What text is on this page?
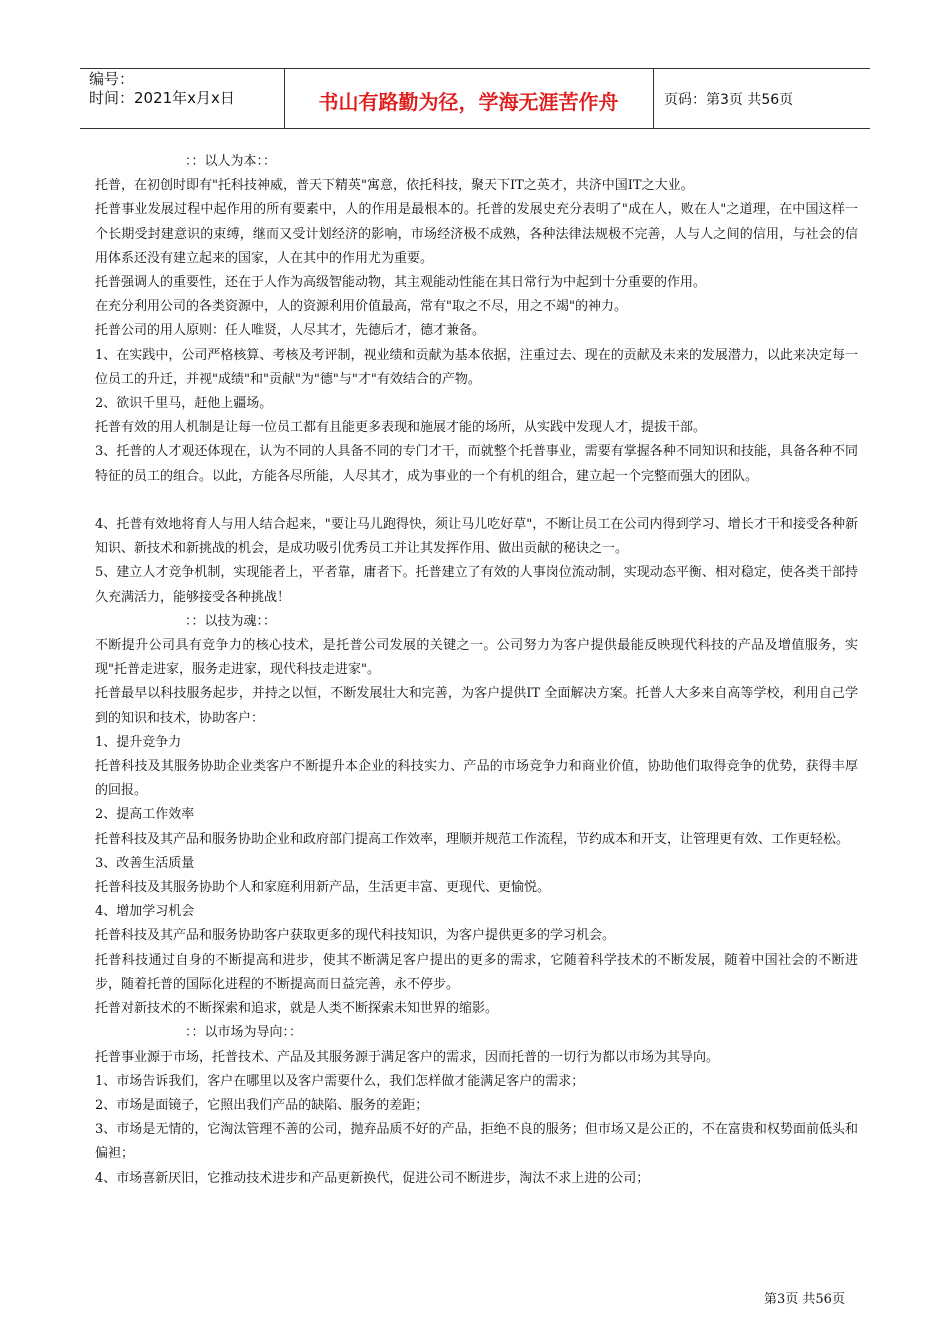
编号：
时间：2021年x月x日	书山有路勤为径，学海无涯苦作舟	页码：第3页 共56页

：：以人为本：：

托普，在初创时即有"托科技神威，普天下精英"寓意，依托科技，聚天下IT之英才，共济中国IT之大业。

托普事业发展过程中起作用的所有要素中，人的作用是最根本的。托普的发展史充分表明了"成在人，败在人"之道理，在中国这样一个长期受封建意识的束缚，继而又受计划经济的影响，市场经济极不成熟，各种法律法规极不完善，人与人之间的信用，与社会的信用体系还没有建立起来的国家，人在其中的作用尤为重要。

托普强调人的重要性，还在于人作为高级智能动物，其主观能动性能在其日常行为中起到十分重要的作用。

在充分利用公司的各类资源中，人的资源利用价值最高，常有"取之不尽，用之不竭"的神力。

托普公司的用人原则：任人唯贤，人尽其才，先德后才，德才兼备。

1、在实践中，公司严格核算、考核及考评制，视业绩和贡献为基本依据，注重过去、现在的贡献及未来的发展潜力，以此来决定每一位员工的升迁，并视"成绩"和"贡献"为"德"与"才"有效结合的产物。

2、欲识千里马，赶他上疆场。

托普有效的用人机制是让每一位员工都有且能更多表现和施展才能的场所，从实践中发现人才，提拔干部。

3、托普的人才观还体现在，认为不同的人具备不同的专门才干，而就整个托普事业，需要有掌握各种不同知识和技能，具备各种不同特征的员工的组合。以此，方能各尽所能，人尽其才，成为事业的一个有机的组合，建立起一个完整而强大的团队。

4、托普有效地将育人与用人结合起来，"要让马儿跑得快，须让马儿吃好草"，不断让员工在公司内得到学习、增长才干和接受各种新知识、新技术和新挑战的机会，是成功吸引优秀员工并让其发挥作用、做出贡献的秘诀之一。

5、建立人才竞争机制，实现能者上，平者靠，庸者下。托普建立了有效的人事岗位流动制，实现动态平衡、相对稳定，使各类干部持久充满活力，能够接受各种挑战！

：：以技为魂：：

不断提升公司具有竞争力的核心技术，是托普公司发展的关键之一。公司努力为客户提供最能反映现代科技的产品及增值服务，实现"托普走进家，服务走进家，现代科技走进家"。

托普最早以科技服务起步，并持之以恒，不断发展壮大和完善，为客户提供IT 全面解决方案。托普人大多来自高等学校，利用自己学到的知识和技术，协助客户：

1、提升竞争力

托普科技及其服务协助企业类客户不断提升本企业的科技实力、产品的市场竞争力和商业价值，协助他们取得竞争的优势，获得丰厚的回报。

2、提高工作效率

托普科技及其产品和服务协助企业和政府部门提高工作效率，理顺并规范工作流程，节约成本和开支，让管理更有效、工作更轻松。

3、改善生活质量

托普科技及其服务协助个人和家庭利用新产品，生活更丰富、更现代、更愉悦。

4、增加学习机会

托普科技及其产品和服务协助客户获取更多的现代科技知识，为客户提供更多的学习机会。

托普科技通过自身的不断提高和进步，使其不断满足客户提出的更多的需求，它随着科学技术的不断发展，随着中国社会的不断进步，随着托普的国际化进程的不断提高而日益完善，永不停步。

托普对新技术的不断探索和追求，就是人类不断探索未知世界的缩影。

：：以市场为导向：：

托普事业源于市场，托普技术、产品及其服务源于满足客户的需求，因而托普的一切行为都以市场为其导向。

1、市场告诉我们，客户在哪里以及客户需要什么，我们怎样做才能满足客户的需求；

2、市场是面镜子，它照出我们产品的缺陷、服务的差距；

3、市场是无情的，它淘汰管理不善的公司，抛弃品质不好的产品，拒绝不良的服务；但市场又是公正的，不在富贵和权势面前低头和偏袒；

4、市场喜新厌旧，它推动技术进步和产品更新换代，促进公司不断进步，淘汰不求上进的公司；

第3页 共56页
